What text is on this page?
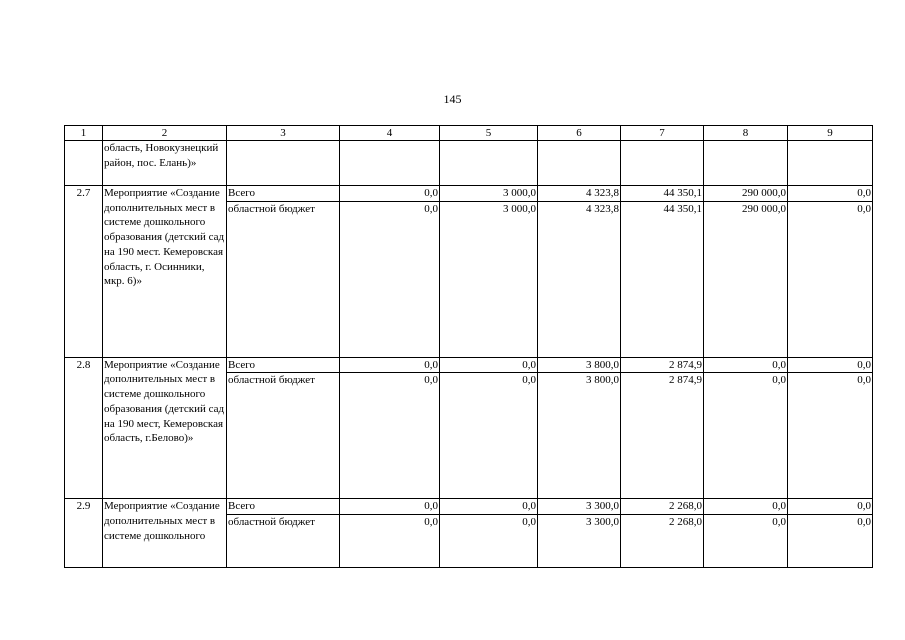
145
1	2	3	4	5	6	7	8	9
	область, Новокузнецкий район, пос. Елань)»							
2.7	Мероприятие «Создание дополнительных мест в системе дошкольного образования (детский сад на 190 мест. Кемеровская область, г. Осинники, мкр. 6)»	Всего	0,0	3 000,0	4 323,8	44 350,1	290 000,0	0,0
		областной бюджет	0,0	3 000,0	4 323,8	44 350,1	290 000,0	0,0
2.8	Мероприятие «Создание дополнительных мест в системе дошкольного образования (детский сад на 190 мест, Кемеровская область, г.Белово)»	Всего	0,0	0,0	3 800,0	2 874,9	0,0	0,0
		областной бюджет	0,0	0,0	3 800,0	2 874,9	0,0	0,0
2.9	Мероприятие «Создание дополнительных мест в системе дошкольного	Всего	0,0	0,0	3 300,0	2 268,0	0,0	0,0
		областной бюджет	0,0	0,0	3 300,0	2 268,0	0,0	0,0
